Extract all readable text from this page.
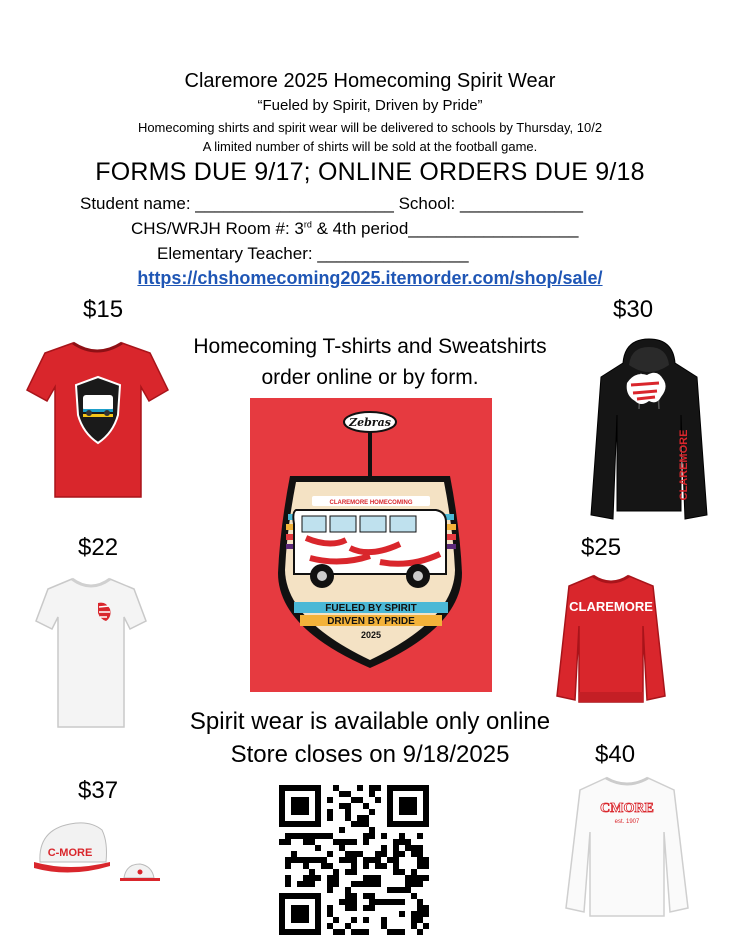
Claremore 2025 Homecoming Spirit Wear
“Fueled by Spirit, Driven by Pride”
Homecoming shirts and spirit wear will be delivered to schools by Thursday, 10/2
A limited number of shirts will be sold at the football game.
FORMS DUE 9/17; ONLINE ORDERS DUE 9/18
Student name: _____________________ School: _____________
CHS/WRJH Room #: 3rd & 4th period__________________
Elementary Teacher: ________________
https://chshomecoming2025.itemorder.com/shop/sale/
$15	$30
$22	$25
$40
$37
Homecoming T-shirts and Sweatshirts
order online or by form.
Spirit wear is available only online
Store closes on 9/18/2025
CLAREMORE
CLAREMORE
Zebras
CLAREMORE HOMECOMING
FUELED BY SPIRIT
DRIVEN BY PRIDE
2025
C-MORE
CMORE
est. 1907
